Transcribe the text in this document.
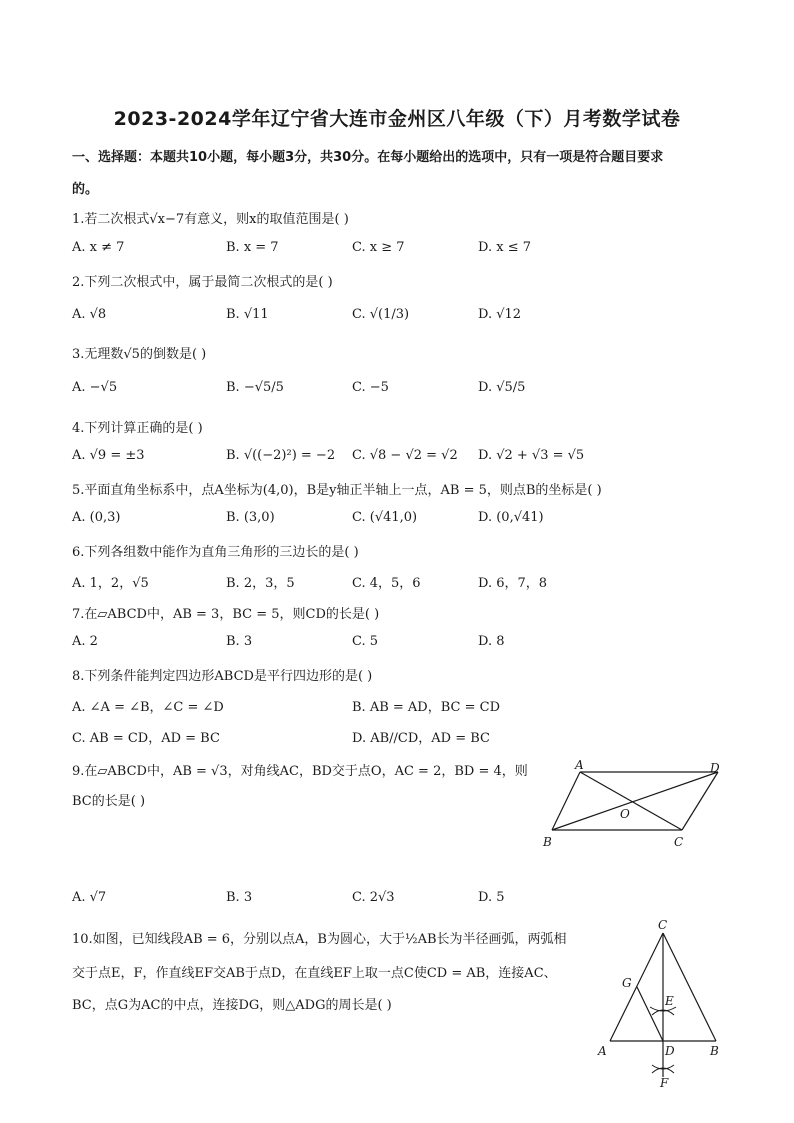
2023-2024学年辽宁省大连市金州区八年级（下）月考数学试卷
一、选择题：本题共10小题，每小题3分，共30分。在每小题给出的选项中，只有一项是符合题目要求
的。
1.若二次根式√x−7有意义，则x的取值范围是( )
A. x ≠ 7	B. x = 7	C. x ≥ 7	D. x ≤ 7
2.下列二次根式中，属于最简二次根式的是( )
A. √8	B. √11	C. √(1/3)	D. √12
3.无理数√5的倒数是( )
A. −√5	B. −√5/5	C. −5	D. √5/5
4.下列计算正确的是( )
A. √9 = ±3	B. √((−2)²) = −2 C. √8 − √2 = √2 D. √2 + √3 = √5
5.平面直角坐标系中，点A坐标为(4,0)，B是y轴正半轴上一点，AB = 5，则点B的坐标是( )
A. (0,3)	B. (3,0)	C. (√41,0)	D. (0,√41)
6.下列各组数中能作为直角三角形的三边长的是( )
A. 1，2，√5	B. 2，3，5	C. 4，5，6	D. 6，7，8
7.在▱ABCD中，AB = 3，BC = 5，则CD的长是( )
A. 2	B. 3	C. 5	D. 8
8.下列条件能判定四边形ABCD是平行四边形的是( )
A. ∠A = ∠B，∠C = ∠D	B. AB = AD，BC = CD
C. AB = CD，AD = BC	D. AB//CD，AD = BC
9.在▱ABCD中，AB = √3，对角线AC，BD交于点O，AC = 2，BD = 4，则
BC的长是( )
A	D
O
B	C
A. √7	B. 3	C. 2√3	D. 5
10.如图，已知线段AB = 6，分别以点A，B为圆心，大于½AB长为半径画弧，两弧相
交于点E，F，作直线EF交AB于点D，在直线EF上取一点C使CD = AB，连接AC、
BC，点G为AC的中点，连接DG，则△ADG的周长是( )
C
G
E
A	D	B
F
